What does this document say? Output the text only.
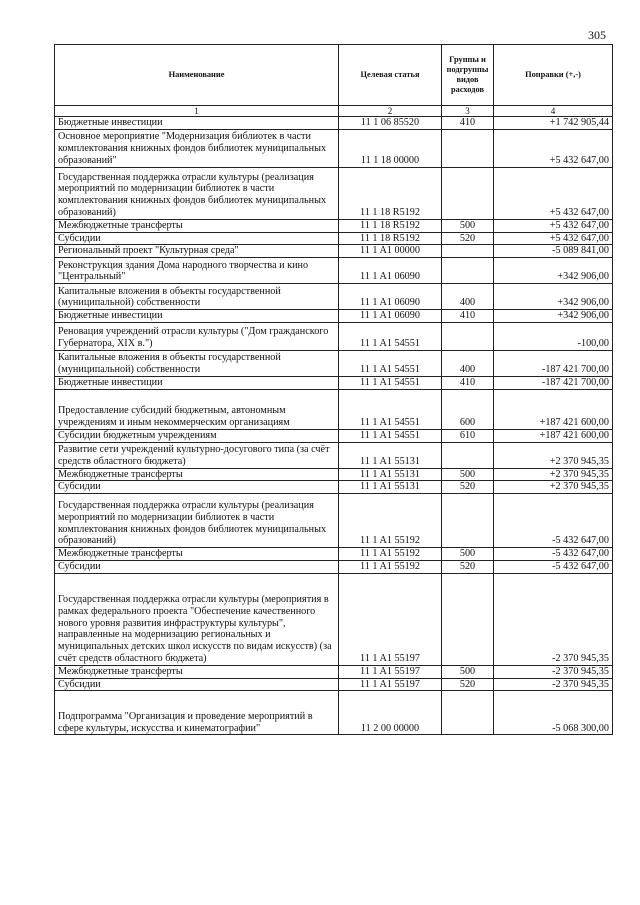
305
Наименование	Целевая статья	Группы и подгруппы видов расходов	Поправки (+,-)
1	2	3	4
Бюджетные инвестиции	11 1 06 85520	410	+1 742 905,44
Основное мероприятие "Модернизация библиотек в части комплектования книжных фондов библиотек муниципальных образований"	11 1 18 00000		+5 432 647,00
Государственная поддержка отрасли культуры (реализация мероприятий по модернизации библиотек в части комплектования книжных фондов библиотек муниципальных образований)	11 1 18 R5192		+5 432 647,00
Межбюджетные трансферты	11 1 18 R5192	500	+5 432 647,00
Субсидии	11 1 18 R5192	520	+5 432 647,00
Региональный проект "Культурная среда"	11 1 A1 00000		-5 089 841,00
Реконструкция здания Дома народного творчества и кино "Центральный"	11 1 A1 06090		+342 906,00
Капитальные вложения в объекты государственной (муниципальной) собственности	11 1 A1 06090	400	+342 906,00
Бюджетные инвестиции	11 1 A1 06090	410	+342 906,00
Реновация учреждений отрасли культуры ("Дом гражданского Губернатора, XIX в.")	11 1 A1 54551		-100,00
Капитальные вложения в объекты государственной (муниципальной) собственности	11 1 A1 54551	400	-187 421 700,00
Бюджетные инвестиции	11 1 A1 54551	410	-187 421 700,00
Предоставление субсидий бюджетным, автономным учреждениям и иным некоммерческим организациям	11 1 A1 54551	600	+187 421 600,00
Субсидии бюджетным учреждениям	11 1 A1 54551	610	+187 421 600,00
Развитие сети учреждений культурно-досугового типа (за счёт средств областного бюджета)	11 1 A1 55131		+2 370 945,35
Межбюджетные трансферты	11 1 A1 55131	500	+2 370 945,35
Субсидии	11 1 A1 55131	520	+2 370 945,35
Государственная поддержка отрасли культуры (реализация мероприятий по модернизации библиотек в части комплектования книжных фондов библиотек муниципальных образований)	11 1 A1 55192		-5 432 647,00
Межбюджетные трансферты	11 1 A1 55192	500	-5 432 647,00
Субсидии	11 1 A1 55192	520	-5 432 647,00
Государственная поддержка отрасли культуры (мероприятия в рамках федерального проекта "Обеспечение качественного нового уровня развития инфраструктуры культуры", направленные на модернизацию региональных и муниципальных детских школ искусств по видам искусств) (за счёт средств областного бюджета)	11 1 A1 55197		-2 370 945,35
Межбюджетные трансферты	11 1 A1 55197	500	-2 370 945,35
Субсидии	11 1 A1 55197	520	-2 370 945,35
Подпрограмма "Организация и проведение мероприятий в сфере культуры, искусства и кинематографии"	11 2 00 00000		-5 068 300,00
